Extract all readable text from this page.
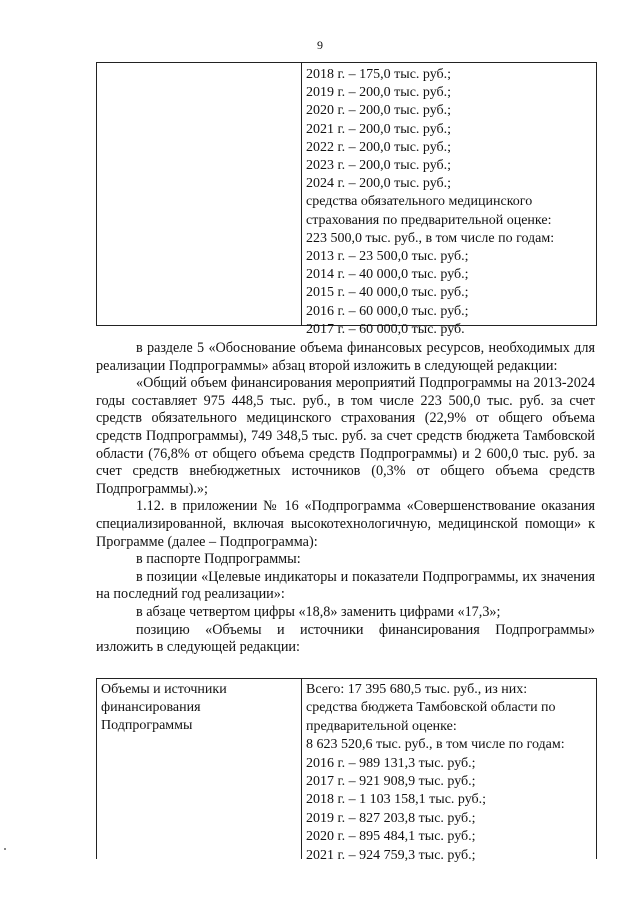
9
2018 г. – 175,0 тыс. руб.;
2019 г. – 200,0 тыс. руб.;
2020 г. – 200,0 тыс. руб.;
2021 г. – 200,0 тыс. руб.;
2022 г. – 200,0 тыс. руб.;
2023 г. – 200,0 тыс. руб.;
2024 г. – 200,0 тыс. руб.;
средства обязательного медицинского
страхования по предварительной оценке:
223 500,0 тыс. руб., в том числе по годам:
2013 г. – 23 500,0 тыс. руб.;
2014 г. – 40 000,0 тыс. руб.;
2015 г. – 40 000,0 тыс. руб.;
2016 г. – 60 000,0 тыс. руб.;
2017 г. – 60 000,0 тыс. руб.

в разделе 5 «Обоснование объема финансовых ресурсов, необходимых для реализации Подпрограммы» абзац второй изложить в следующей редакции:

«Общий объем финансирования мероприятий Подпрограммы на 2013-2024 годы составляет 975 448,5 тыс. руб., в том числе 223 500,0 тыс. руб. за счет средств обязательного медицинского страхования (22,9% от общего объема средств Подпрограммы), 749 348,5 тыс. руб. за счет средств бюджета Тамбовской области (76,8% от общего объема средств Подпрограммы) и 2 600,0 тыс. руб. за счет средств внебюджетных источников (0,3% от общего объема средств Подпрограммы).»;

1.12. в приложении № 16 «Подпрограмма «Совершенствование оказания специализированной, включая высокотехнологичную, медицинской помощи» к Программе (далее – Подпрограмма):

в паспорте Подпрограммы:

в позиции «Целевые индикаторы и показатели Подпрограммы, их значения на последний год реализации»:

в абзаце четвертом цифры «18,8» заменить цифрами «17,3»;

позицию «Объемы и источники финансирования Подпрограммы» изложить в следующей редакции:

Объемы и источники
финансирования
Подпрограммы
Всего: 17 395 680,5 тыс. руб., из них:
средства бюджета Тамбовской области по
предварительной оценке:
8 623 520,6 тыс. руб., в том числе по годам:
2016 г. – 989 131,3 тыс. руб.;
2017 г. – 921 908,9 тыс. руб.;
2018 г. – 1 103 158,1 тыс. руб.;
2019 г. – 827 203,8 тыс. руб.;
2020 г. – 895 484,1 тыс. руб.;
2021 г. – 924 759,3 тыс. руб.;
